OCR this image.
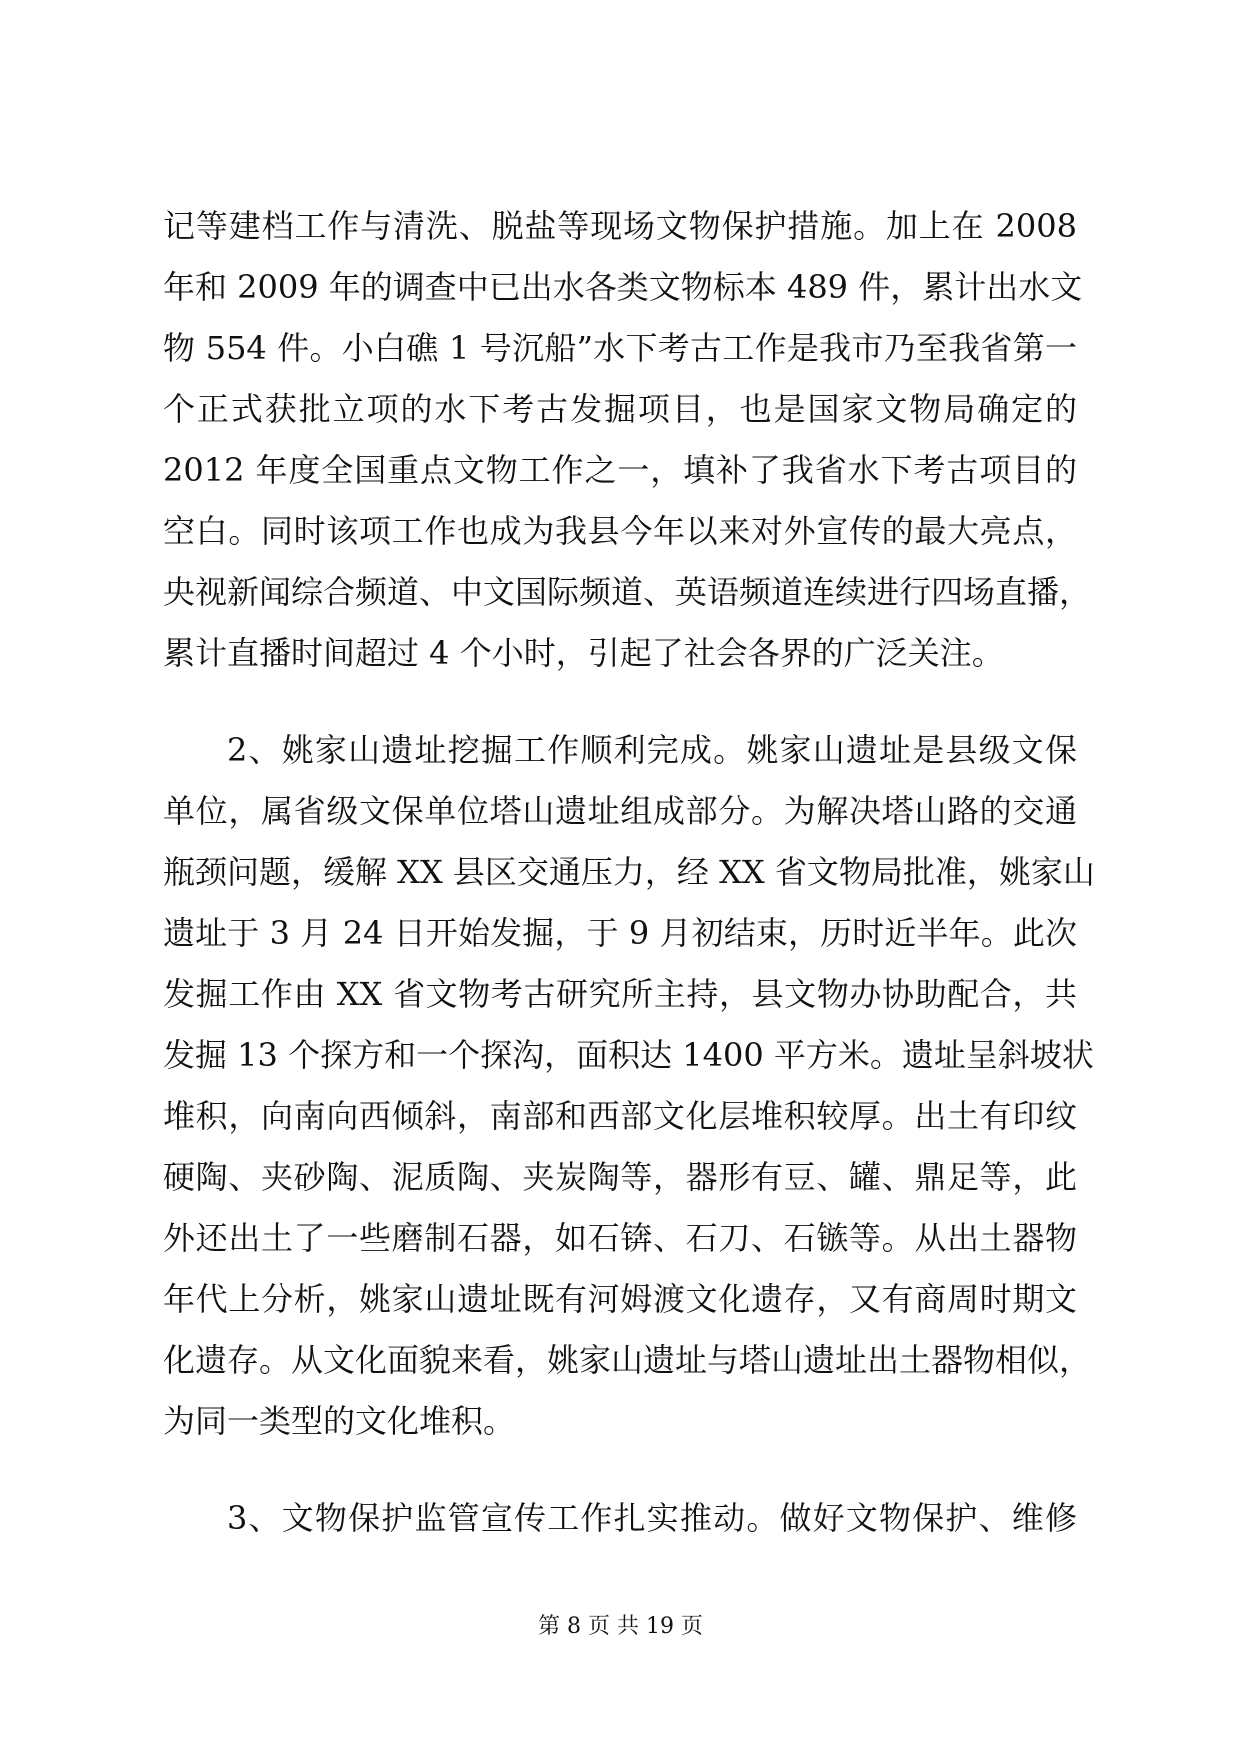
记等建档工作与清洗、脱盐等现场文物保护措施。加上在 2008
年和 2009 年的调查中已出水各类文物标本 489 件，累计出水文
物 554 件。小白礁 1 号沉船”水下考古工作是我市乃至我省第一
个正式获批立项的水下考古发掘项目，也是国家文物局确定的
2012 年度全国重点文物工作之一，填补了我省水下考古项目的
空白。同时该项工作也成为我县今年以来对外宣传的最大亮点，
央视新闻综合频道、中文国际频道、英语频道连续进行四场直播，
累计直播时间超过 4 个小时，引起了社会各界的广泛关注。
2、姚家山遗址挖掘工作顺利完成。姚家山遗址是县级文保
单位，属省级文保单位塔山遗址组成部分。为解决塔山路的交通
瓶颈问题，缓解 XX 县区交通压力，经 XX 省文物局批准，姚家山
遗址于 3 月 24 日开始发掘，于 9 月初结束，历时近半年。此次
发掘工作由 XX 省文物考古研究所主持，县文物办协助配合，共
发掘 13 个探方和一个探沟，面积达 1400 平方米。遗址呈斜坡状
堆积，向南向西倾斜，南部和西部文化层堆积较厚。出土有印纹
硬陶、夹砂陶、泥质陶、夹炭陶等，器形有豆、罐、鼎足等，此
外还出土了一些磨制石器，如石锛、石刀、石镞等。从出土器物
年代上分析，姚家山遗址既有河姆渡文化遗存，又有商周时期文
化遗存。从文化面貌来看，姚家山遗址与塔山遗址出土器物相似，
为同一类型的文化堆积。
3、文物保护监管宣传工作扎实推动。做好文物保护、维修
第 8 页 共 19 页
